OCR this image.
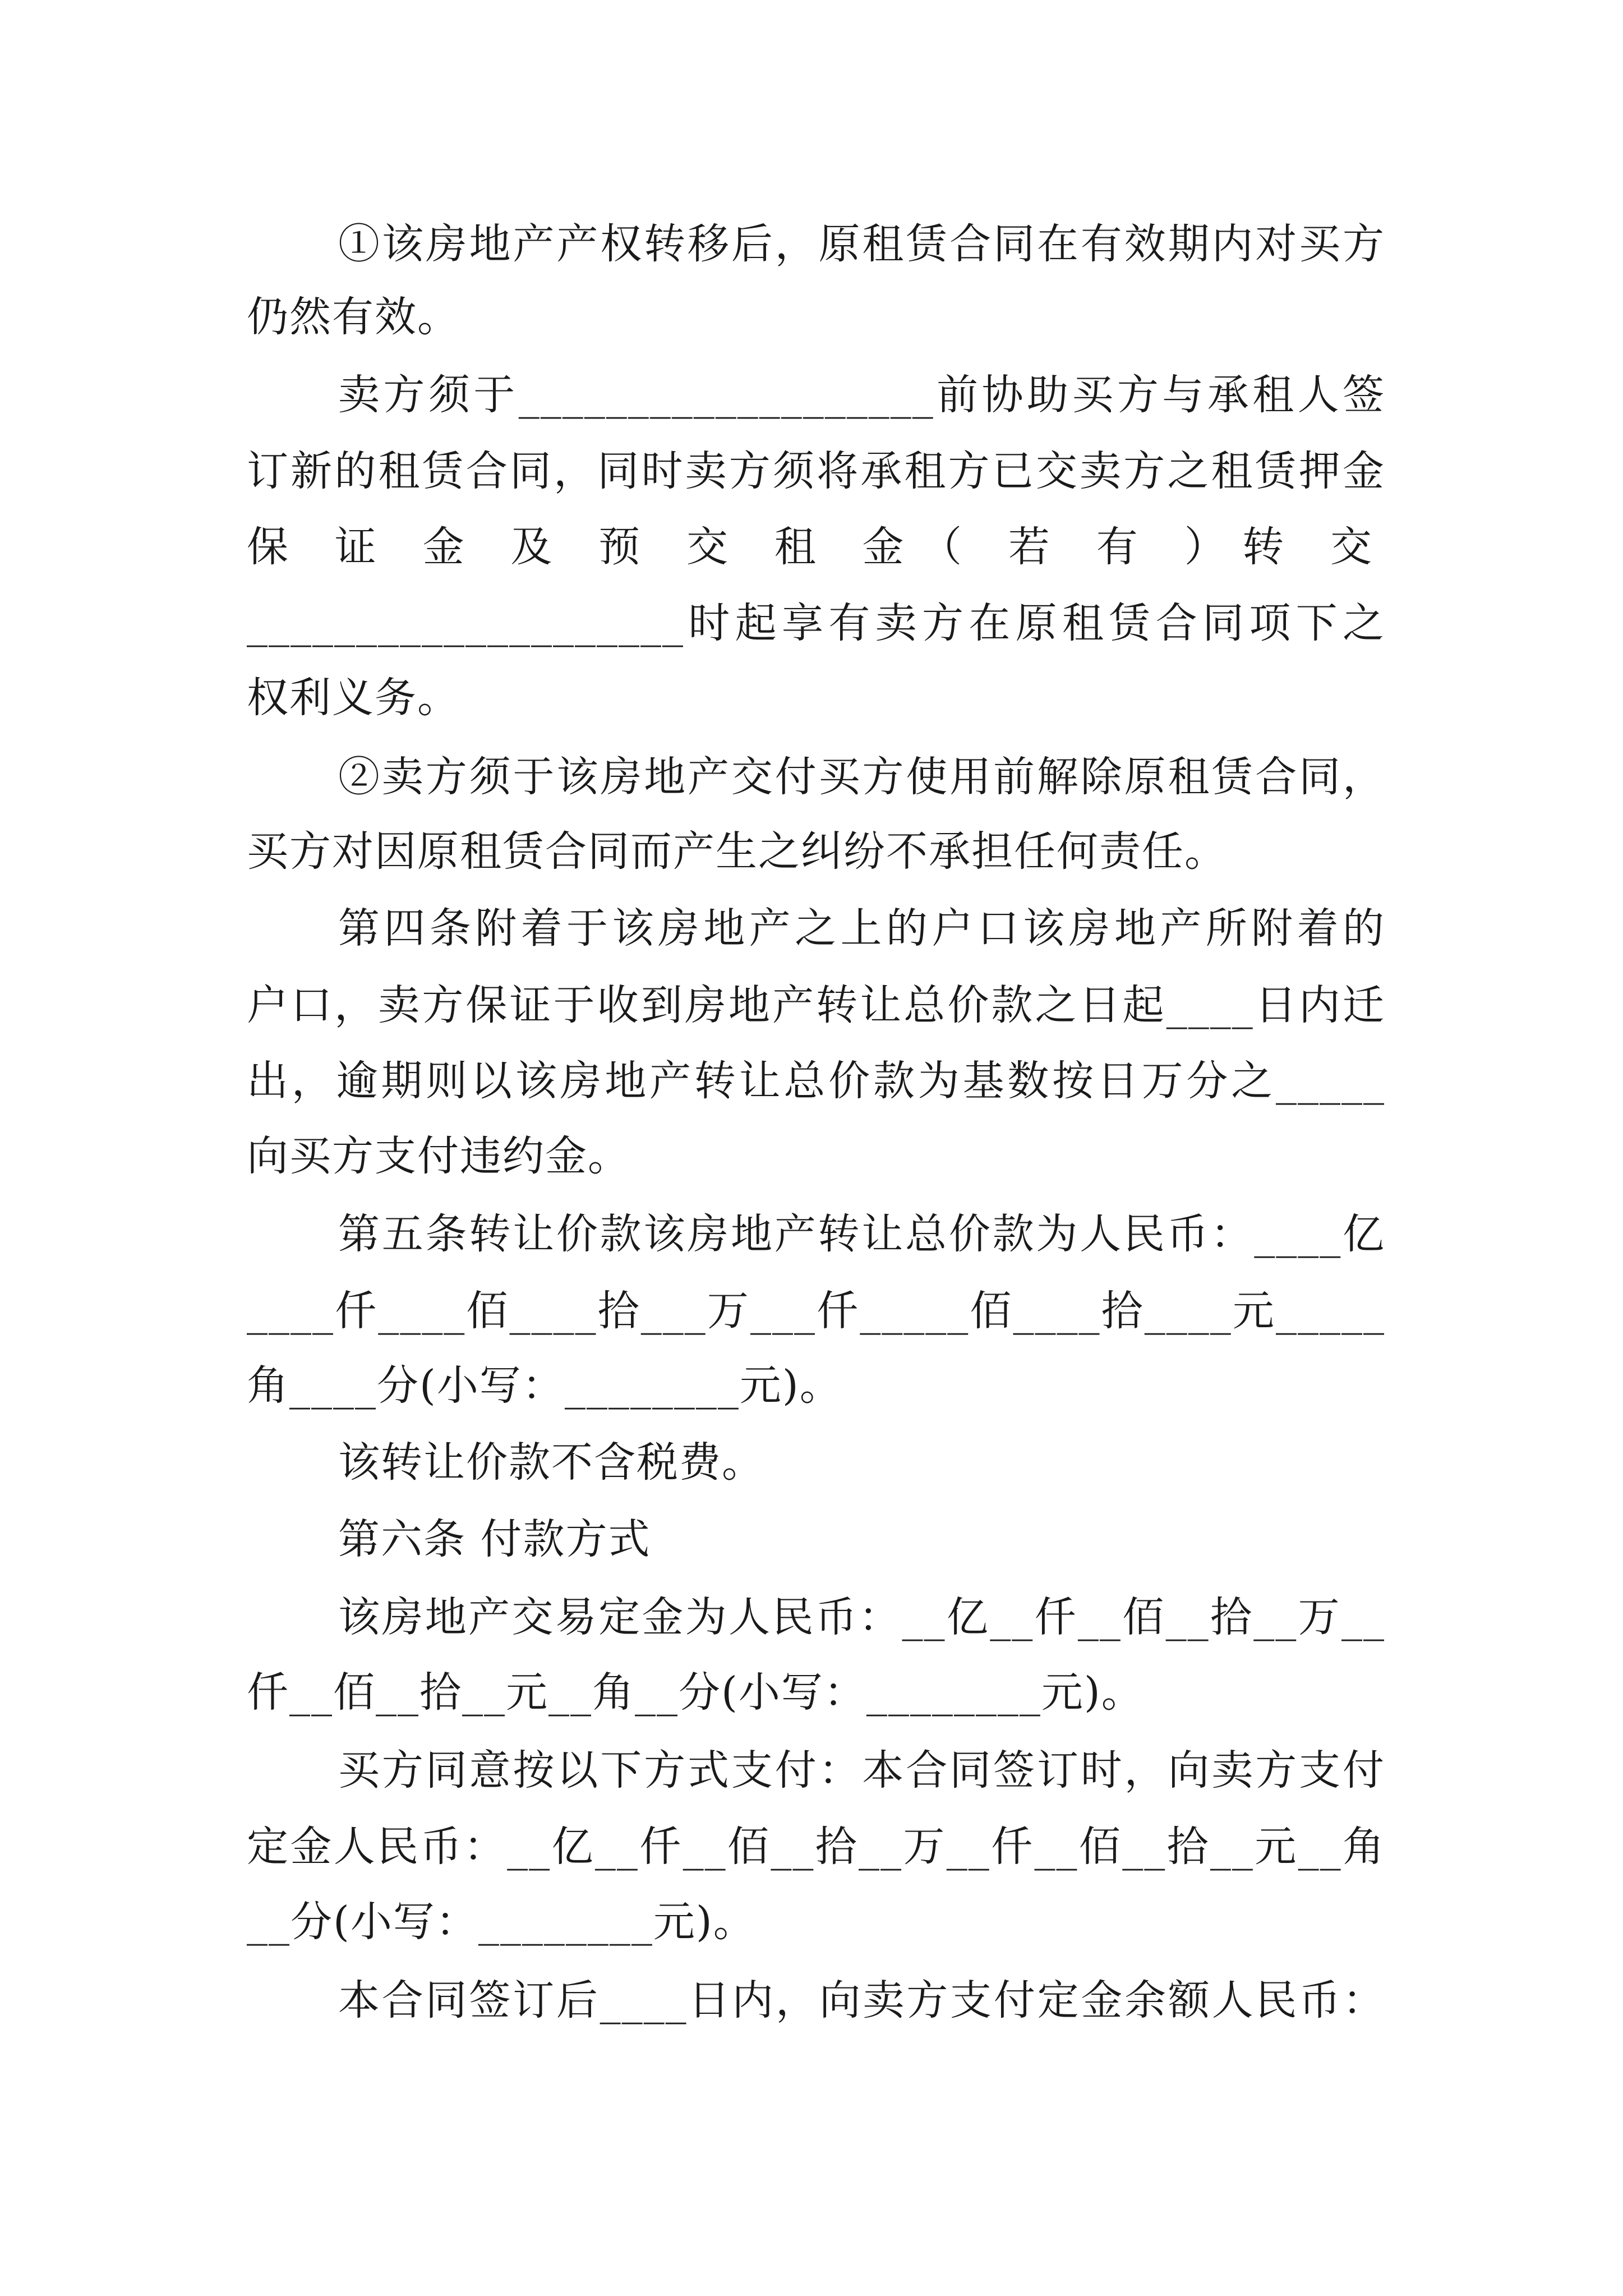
①该房地产产权转移后，原租赁合同在有效期内对买方
仍然有效。
卖方须于___________________前协助买方与承租人签
订新的租赁合同，同时卖方须将承租方已交卖方之租赁押金
保 证 金 及 预 交 租 金（ 若 有 ）转 交
____________________时起享有卖方在原租赁合同项下之
权利义务。
②卖方须于该房地产交付买方使用前解除原租赁合同，
买方对因原租赁合同而产生之纠纷不承担任何责任。
第四条附着于该房地产之上的户口该房地产所附着的
户口，卖方保证于收到房地产转让总价款之日起____日内迁
出，逾期则以该房地产转让总价款为基数按日万分之_____
向买方支付违约金。
第五条转让价款该房地产转让总价款为人民币：____亿
____仟____佰____拾___万___仟_____佰____拾____元_____
角____分(小写：________元)。
该转让价款不含税费。
第六条 付款方式
该房地产交易定金为人民币：__亿__仟__佰__拾__万__
仟__佰__拾__元__角__分(小写：________元)。
买方同意按以下方式支付：本合同签订时，向卖方支付
定金人民币：__亿__仟__佰__拾__万__仟__佰__拾__元__角
__分(小写：________元)。
本合同签订后____日内，向卖方支付定金余额人民币：
